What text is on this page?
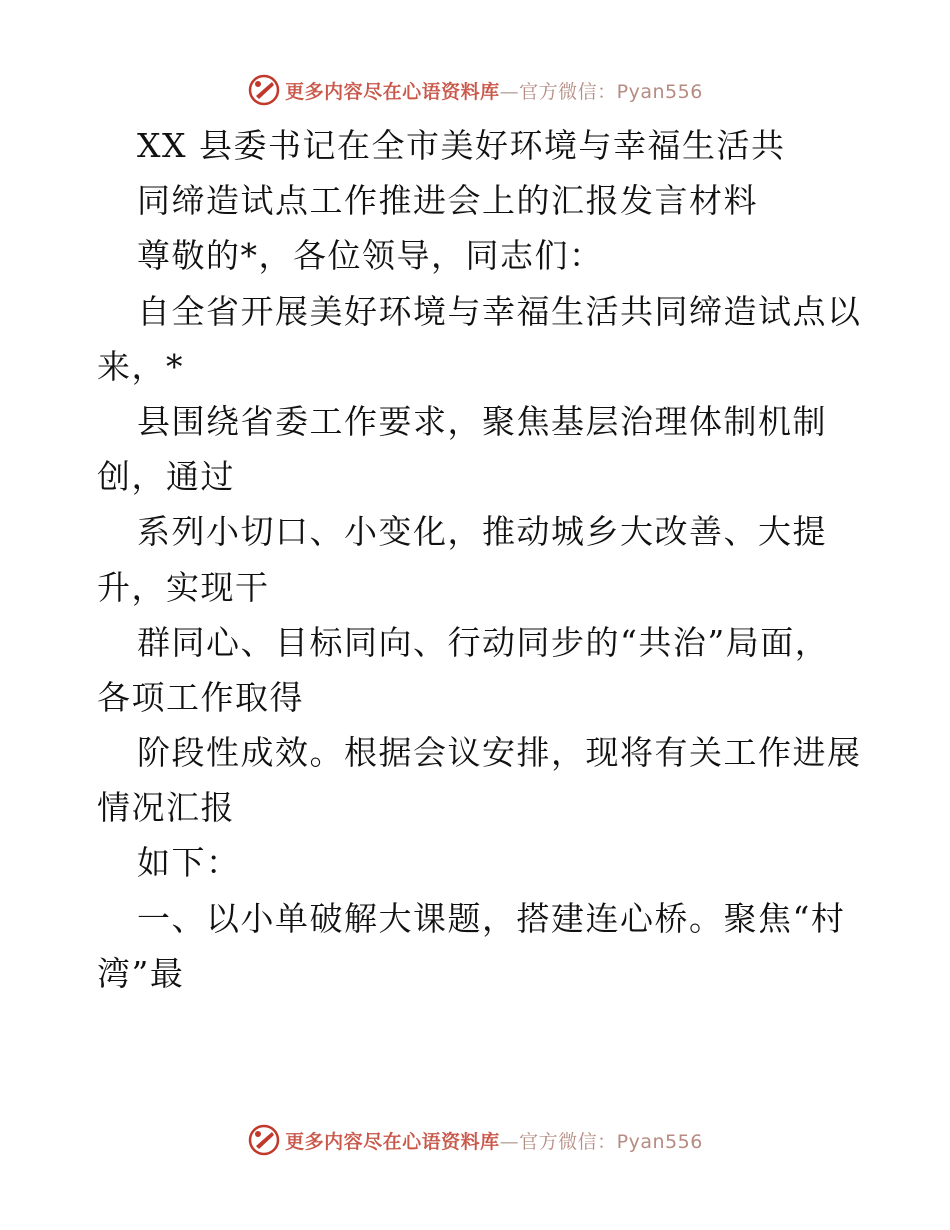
更多内容尽在心语资料库—官方微信：Pyan556
XX 县委书记在全市美好环境与幸福生活共
同缔造试点工作推进会上的汇报发言材料
尊敬的*，各位领导，同志们：
自全省开展美好环境与幸福生活共同缔造试点以
来，*
县围绕省委工作要求，聚焦基层治理体制机制
创，通过
系列小切口、小变化，推动城乡大改善、大提
升，实现干
群同心、目标同向、行动同步的“共治”局面，
各项工作取得
阶段性成效。根据会议安排，现将有关工作进展
情况汇报
如下：
一、以小单破解大课题，搭建连心桥。聚焦“村
湾”最
更多内容尽在心语资料库—官方微信：Pyan556
